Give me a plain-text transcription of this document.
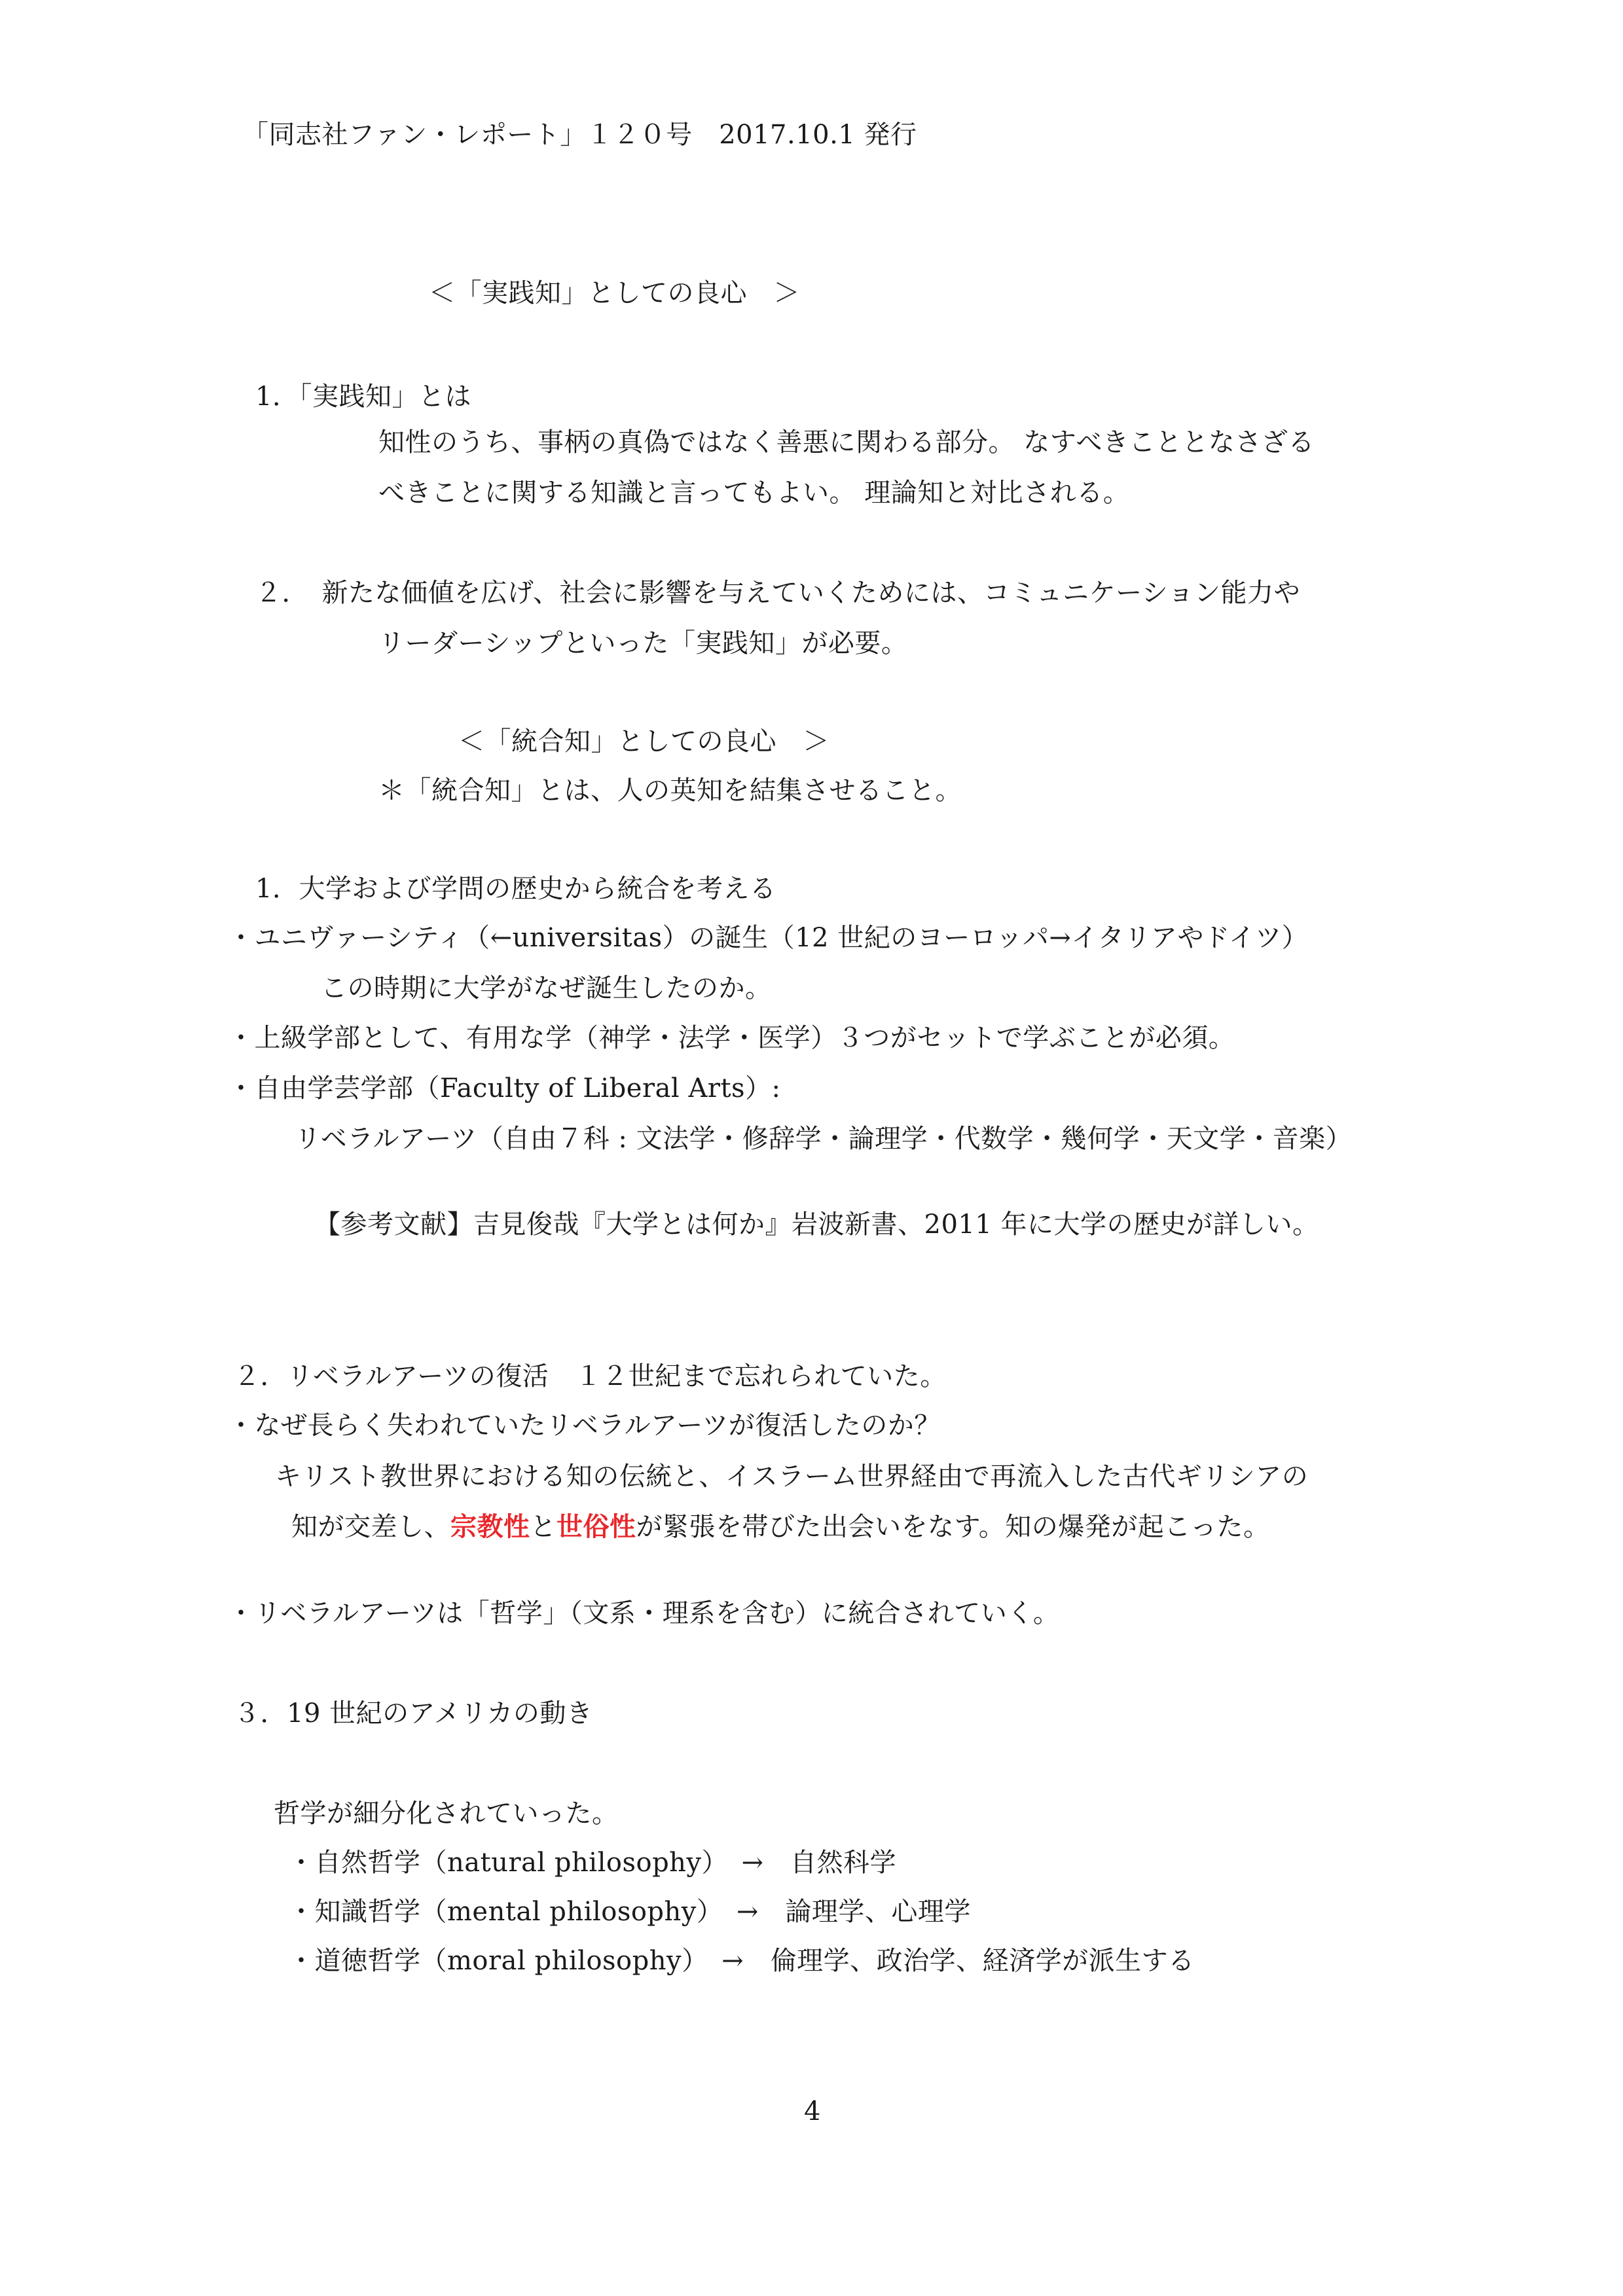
「同志社ファン・レポート」１２０号　2017.10.1 発行
＜「実践知」としての良心　＞
1．「実践知」とは
知性のうち、事柄の真偽ではなく善悪に関わる部分。 なすべきこととなさざる
べきことに関する知識と言ってもよい。 理論知と対比される。
２．　新たな価値を広げ、社会に影響を与えていくためには、コミュニケーション能力や
リーダーシップといった「実践知」が必要。
＜「統合知」としての良心　＞
＊「統合知」とは、人の英知を結集させること。
1．大学および学問の歴史から統合を考える
・ユニヴァーシティ（←universitas）の誕生（12 世紀のヨーロッパ→イタリアやドイツ）
この時期に大学がなぜ誕生したのか。
・上級学部として、有用な学（神学・法学・医学）３つがセットで学ぶことが必須。
・自由学芸学部（Faculty of Liberal Arts）:
リベラルアーツ（自由７科 : 文法学・修辞学・論理学・代数学・幾何学・天文学・音楽）
【参考文献】吉見俊哉『大学とは何か』岩波新書、2011 年に大学の歴史が詳しい。
２．リベラルアーツの復活　１２世紀まで忘れられていた。
・なぜ長らく失われていたリベラルアーツが復活したのか？
キリスト教世界における知の伝統と、イスラーム世界経由で再流入した古代ギリシアの
知が交差し、宗教性と世俗性が緊張を帯びた出会いをなす。知の爆発が起こった。
・リベラルアーツは「哲学」（文系・理系を含む）に統合されていく。
３．19 世紀のアメリカの動き
哲学が細分化されていった。
・自然哲学（natural philosophy）　→　自然科学
・知識哲学（mental philosophy）　→　論理学、心理学
・道徳哲学（moral philosophy）　→　倫理学、政治学、経済学が派生する
4
